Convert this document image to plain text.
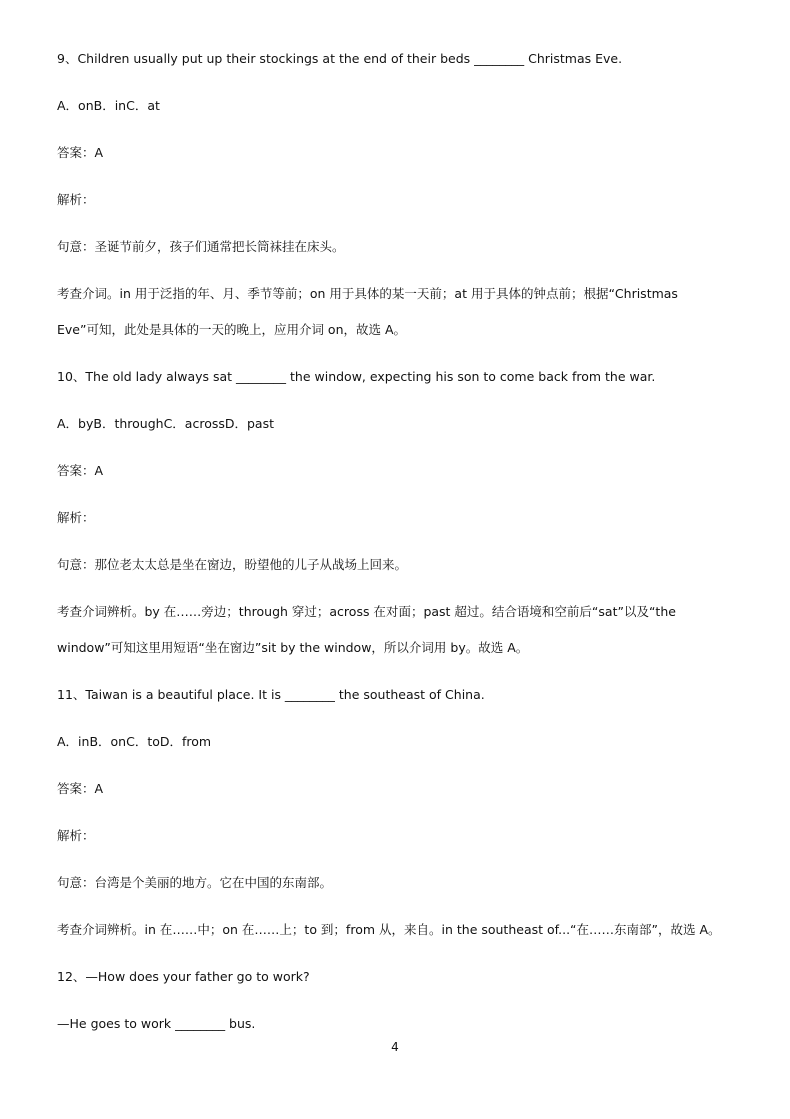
9、Children usually put up their stockings at the end of their beds ________ Christmas Eve.
A．onB．inC．at
答案：A
解析：
句意：圣诞节前夕，孩子们通常把长筒袜挂在床头。
考查介词。in 用于泛指的年、月、季节等前；on 用于具体的某一天前；at 用于具体的钟点前；根据“Christmas
Eve”可知，此处是具体的一天的晚上，应用介词 on，故选 A。
10、The old lady always sat ________ the window, expecting his son to come back from the war.
A．byB．throughC．acrossD．past
答案：A
解析：
句意：那位老太太总是坐在窗边，盼望他的儿子从战场上回来。
考查介词辨析。by 在……旁边；through 穿过；across 在对面；past 超过。结合语境和空前后“sat”以及“the
window”可知这里用短语“坐在窗边”sit by the window，所以介词用 by。故选 A。
11、Taiwan is a beautiful place. It is ________ the southeast of China.
A．inB．onC．toD．from
答案：A
解析：
句意：台湾是个美丽的地方。它在中国的东南部。
考查介词辨析。in 在……中；on 在……上；to 到；from 从，来自。in the southeast of...“在……东南部”，故选 A。
12、—How does your father go to work?
—He goes to work ________ bus.
4
